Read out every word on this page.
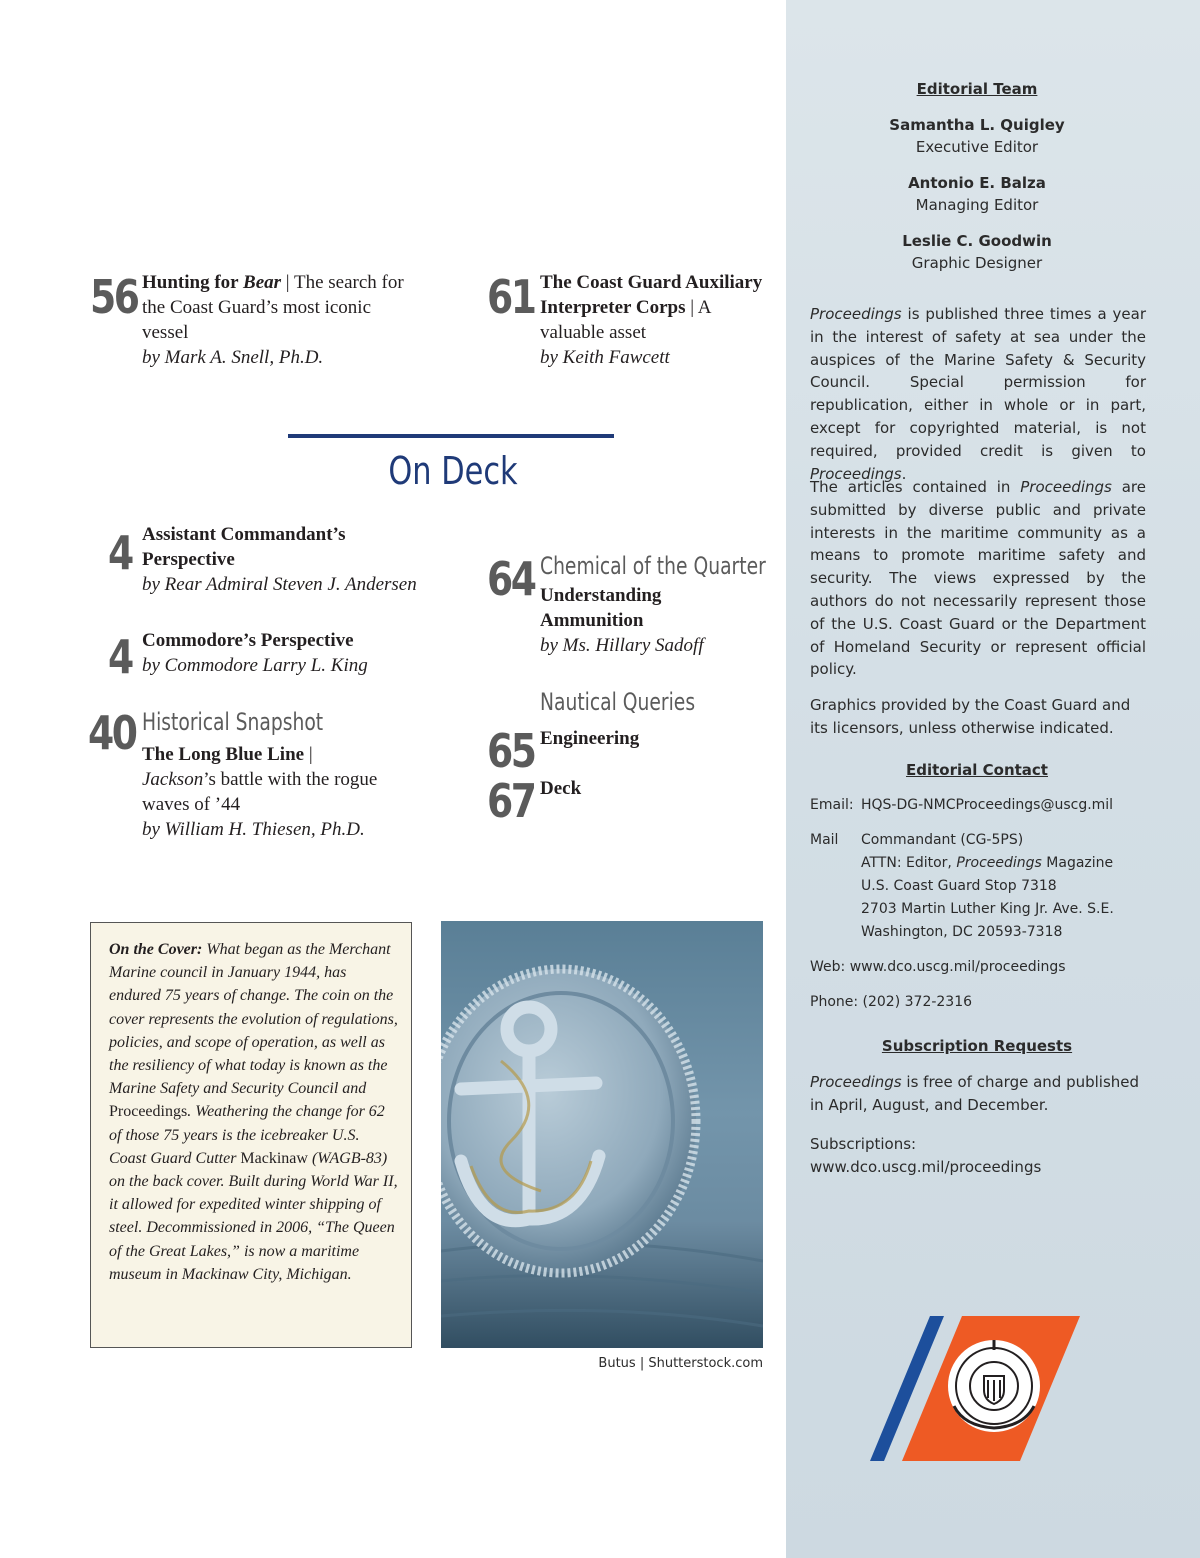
56 Hunting for Bear | The search for the Coast Guard’s most iconic vessel
by Mark A. Snell, Ph.D.
61 The Coast Guard Auxiliary Interpreter Corps | A valuable asset
by Keith Fawcett
On Deck
4 Assistant Commandant’s Perspective
by Rear Admiral Steven J. Andersen
4 Commodore’s Perspective
by Commodore Larry L. King
40 Historical Snapshot
The Long Blue Line |
Jackson’s battle with the rogue waves of ’44
by William H. Thiesen, Ph.D.
64 Chemical of the Quarter
Understanding Ammunition
by Ms. Hillary Sadoff
Nautical Queries
65 Engineering
67 Deck
On the Cover: What began as the Merchant Marine council in January 1944, has endured 75 years of change. The coin on the cover represents the evolution of regulations, policies, and scope of operation, as well as the resiliency of what today is known as the Marine Safety and Security Council and Proceedings. Weathering the change for 62 of those 75 years is the icebreaker U.S. Coast Guard Cutter Mackinaw (WAGB-83) on the back cover. Built during World War II, it allowed for expedited winter shipping of steel. Decommissioned in 2006, “The Queen of the Great Lakes,” is now a maritime museum in Mackinaw City, Michigan.
Butus | Shutterstock.com
Editorial Team
Samantha L. Quigley
Executive Editor
Antonio E. Balza
Managing Editor
Leslie C. Goodwin
Graphic Designer
Proceedings is published three times a year in the interest of safety at sea under the auspices of the Marine Safety & Security Council. Special permission for republication, either in whole or in part, except for copyrighted material, is not required, provided credit is given to Proceedings.
The articles contained in Proceedings are submitted by diverse public and private interests in the maritime community as a means to promote maritime safety and security. The views expressed by the authors do not necessarily represent those of the U.S. Coast Guard or the Department of Homeland Security or represent official policy.
Graphics provided by the Coast Guard and its licensors, unless otherwise indicated.
Editorial Contact
Email: HQS-DG-NMCProceedings@uscg.mil
Mail Commandant (CG-5PS)
ATTN: Editor, Proceedings Magazine
U.S. Coast Guard Stop 7318
2703 Martin Luther King Jr. Ave. S.E.
Washington, DC 20593-7318
Web: www.dco.uscg.mil/proceedings
Phone: (202) 372-2316
Subscription Requests
Proceedings is free of charge and published in April, August, and December.
Subscriptions:
www.dco.uscg.mil/proceedings
